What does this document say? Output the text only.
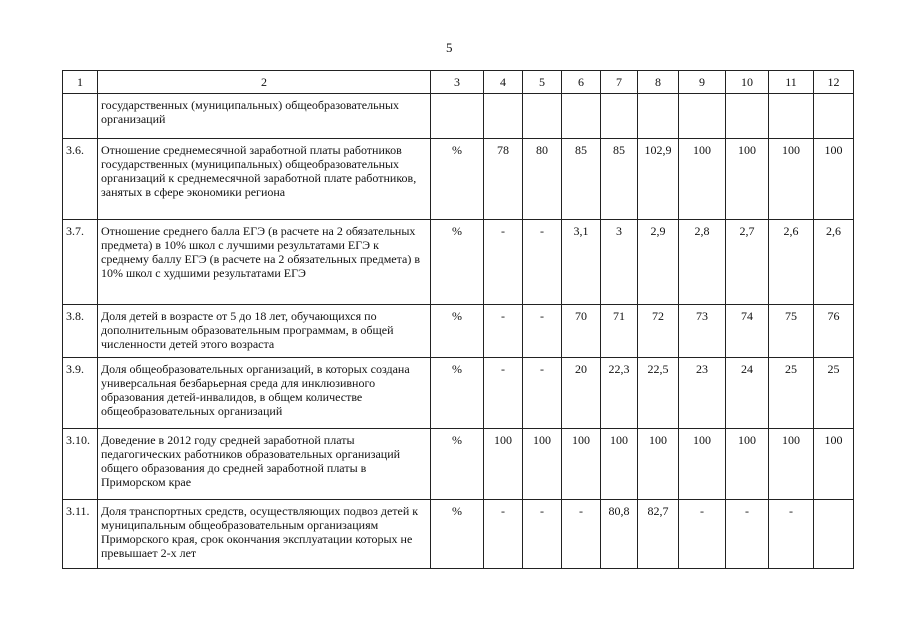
5
1	2	3	4	5	6	7	8	9	10	11	12
	государственных (муниципальных) общеобразовательных организаций										
3.6.	Отношение среднемесячной заработной платы работников государственных (муниципальных) общеобразовательных организаций к среднемесячной заработной плате работников, занятых в сфере экономики региона	%	78	80	85	85	102,9	100	100	100	100
3.7.	Отношение среднего балла ЕГЭ (в расчете на 2 обязательных предмета) в 10% школ с лучшими результатами ЕГЭ к среднему баллу ЕГЭ (в расчете на 2 обязательных предмета) в 10% школ с худшими результатами ЕГЭ	%	-	-	3,1	3	2,9	2,8	2,7	2,6	2,6
3.8.	Доля детей в возрасте от 5 до 18 лет, обучающихся по дополнительным образовательным программам, в общей численности детей этого возраста	%	-	-	70	71	72	73	74	75	76
3.9.	Доля общеобразовательных организаций, в которых создана универсальная безбарьерная среда для инклюзивного образования детей-инвалидов, в общем количестве общеобразовательных организаций	%	-	-	20	22,3	22,5	23	24	25	25
3.10.	Доведение в 2012 году средней заработной платы педагогических работников образовательных организаций общего образования до средней заработной платы в Приморском крае	%	100	100	100	100	100	100	100	100	100
3.11.	Доля транспортных средств, осуществляющих подвоз детей к муниципальным общеобразовательным организациям Приморского края, срок окончания эксплуатации которых не превышает 2-х лет	%	-	-	-	80,8	82,7	-	-	-	
